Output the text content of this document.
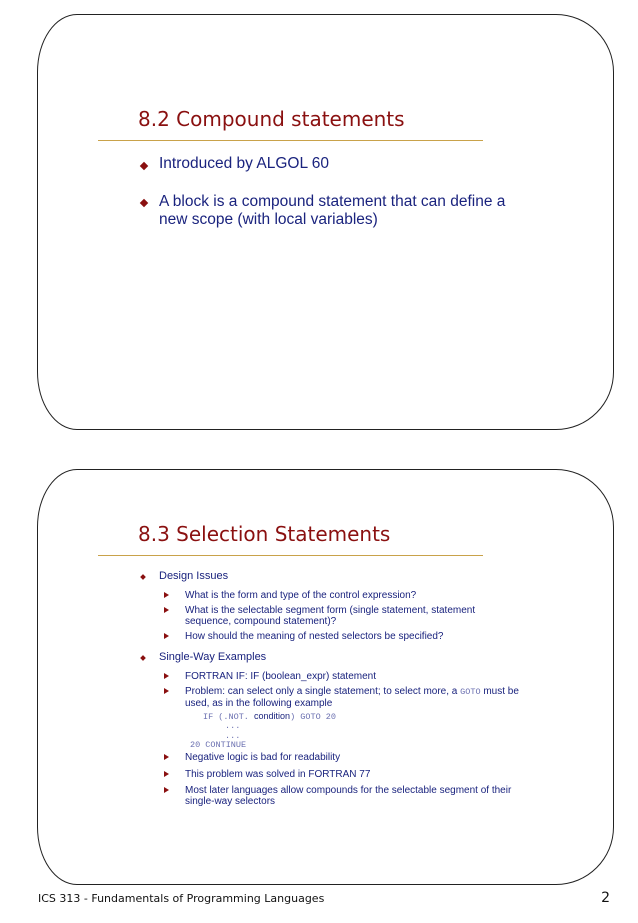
8.2 Compound statements
Introduced by ALGOL 60
A block is a compound statement that can define a new scope (with local variables)
8.3 Selection Statements
Design Issues
What is the form and type of the control expression?
What is the selectable segment form (single statement, statement sequence, compound statement)?
How should the meaning of nested selectors be specified?
Single-Way Examples
FORTRAN IF: IF (boolean_expr) statement
Problem: can select only a single statement; to select more, a GOTO must be used, as in the following example
IF (.NOT. condition) GOTO 20
...
...
20 CONTINUE
Negative logic is bad for readability
This problem was solved in FORTRAN 77
Most later languages allow compounds for the selectable segment of their single-way selectors
ICS 313 - Fundamentals of Programming Languages	2
